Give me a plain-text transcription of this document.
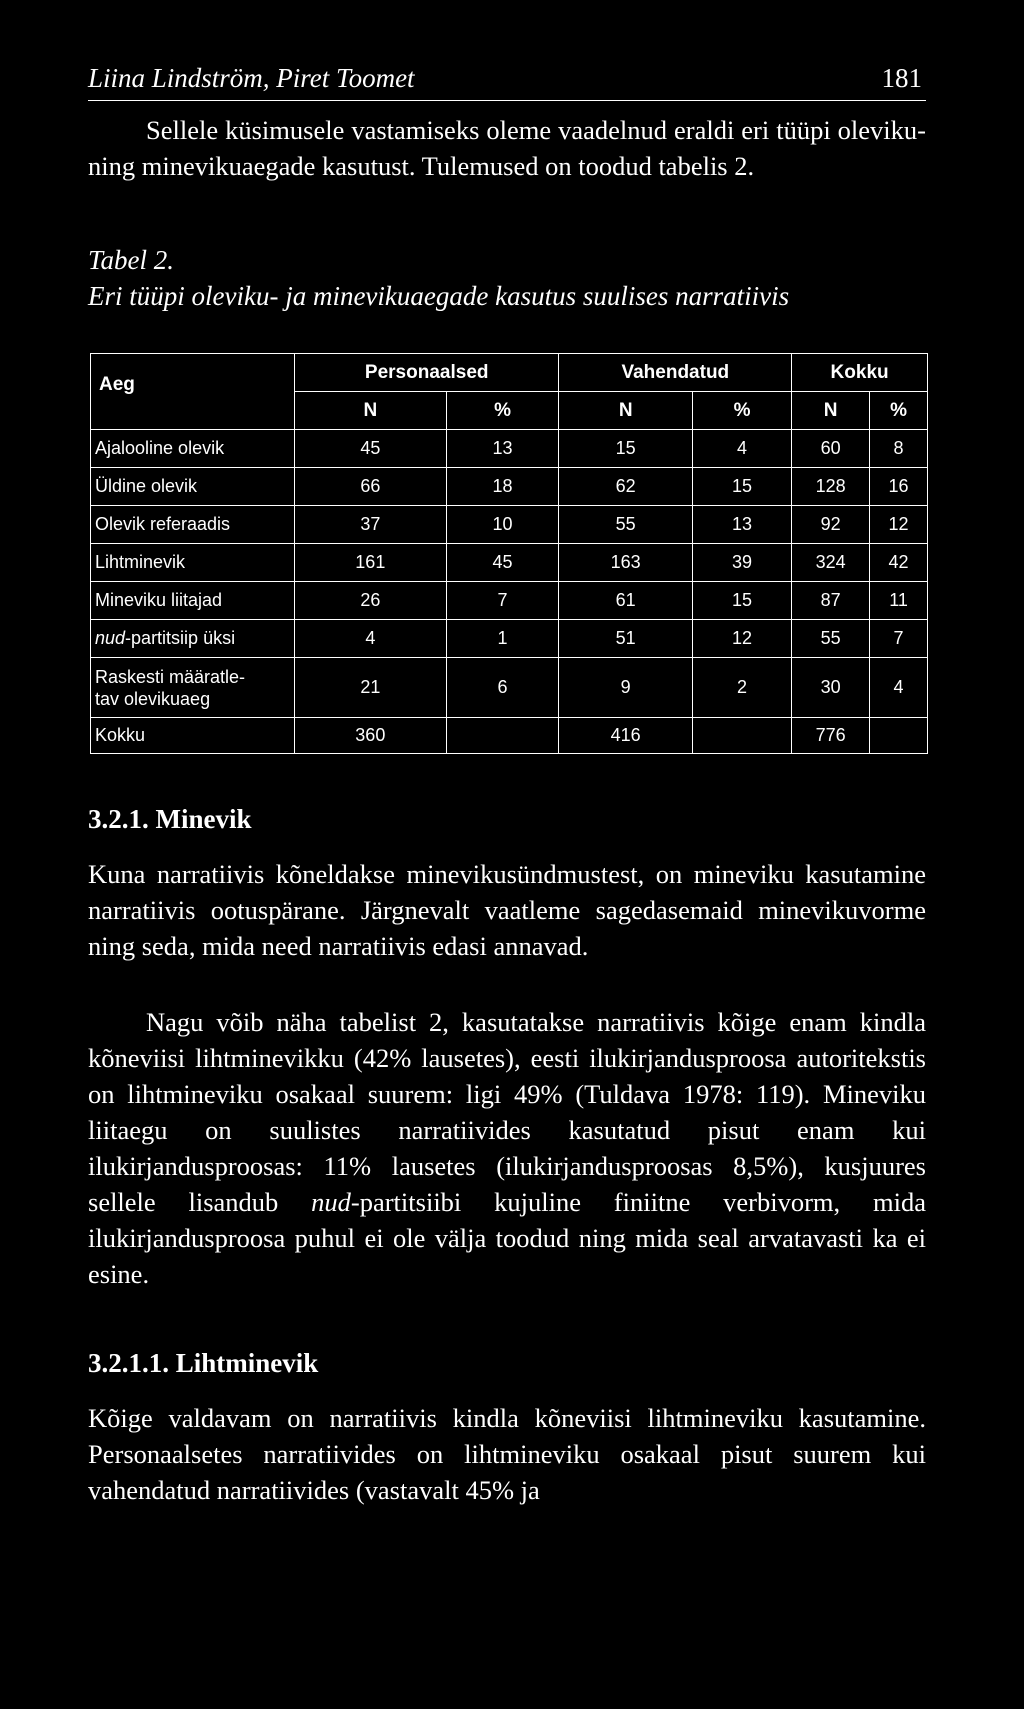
Liina Lindström, Piret Toomet	181

Sellele küsimusele vastamiseks oleme vaadelnud eraldi eri tüüpi oleviku- ning minevikuaegade kasutust. Tulemused on toodud tabelis 2.

Tabel 2.
Eri tüüpi oleviku- ja minevikuaegade kasutus suulises narratiivis
Aeg	Personaalsed		Vahendatud		Kokku	
	N	%	N	%	N	%
Ajalooline olevik	45	13	15	4	60	8
Üldine olevik	66	18	62	15	128	16
Olevik referaadis	37	10	55	13	92	12
Lihtminevik	161	45	163	39	324	42
Mineviku liitajad	26	7	61	15	87	11
nud-partitsiip üksi	4	1	51	12	55	7

Raskesti määratle-
tav olevikuaeg	21	6	9	2	30	4
Kokku	360		416		776	
3.2.1. Minevik

Kuna narratiivis kõneldakse minevikusündmustest, on mineviku kasutamine narratiivis ootuspärane. Järgnevalt vaatleme sagedasemaid minevikuvorme ning seda, mida need narratiivis edasi annavad.

Nagu võib näha tabelist 2, kasutatakse narratiivis kõige enam kindla kõneviisi lihtminevikku (42% lausetes), eesti ilukirjandusproosa autoritekstis on lihtmineviku osakaal suurem: ligi 49% (Tuldava 1978: 119). Mineviku liitaegu on suulistes narratiivides kasutatud pisut enam kui ilukirjandusproosas: 11% lausetes (ilukirjandusproosas 8,5%), kusjuures sellele lisandub nud-partitsiibi kujuline finiitne verbivorm, mida ilukirjandusproosa puhul ei ole välja toodud ning mida seal arvatavasti ka ei esine.

3.2.1.1. Lihtminevik

Kõige valdavam on narratiivis kindla kõneviisi lihtmineviku kasutamine. Personaalsetes narratiivides on lihtmineviku osakaal pisut suurem kui vahendatud narratiivides (vastavalt 45% ja
